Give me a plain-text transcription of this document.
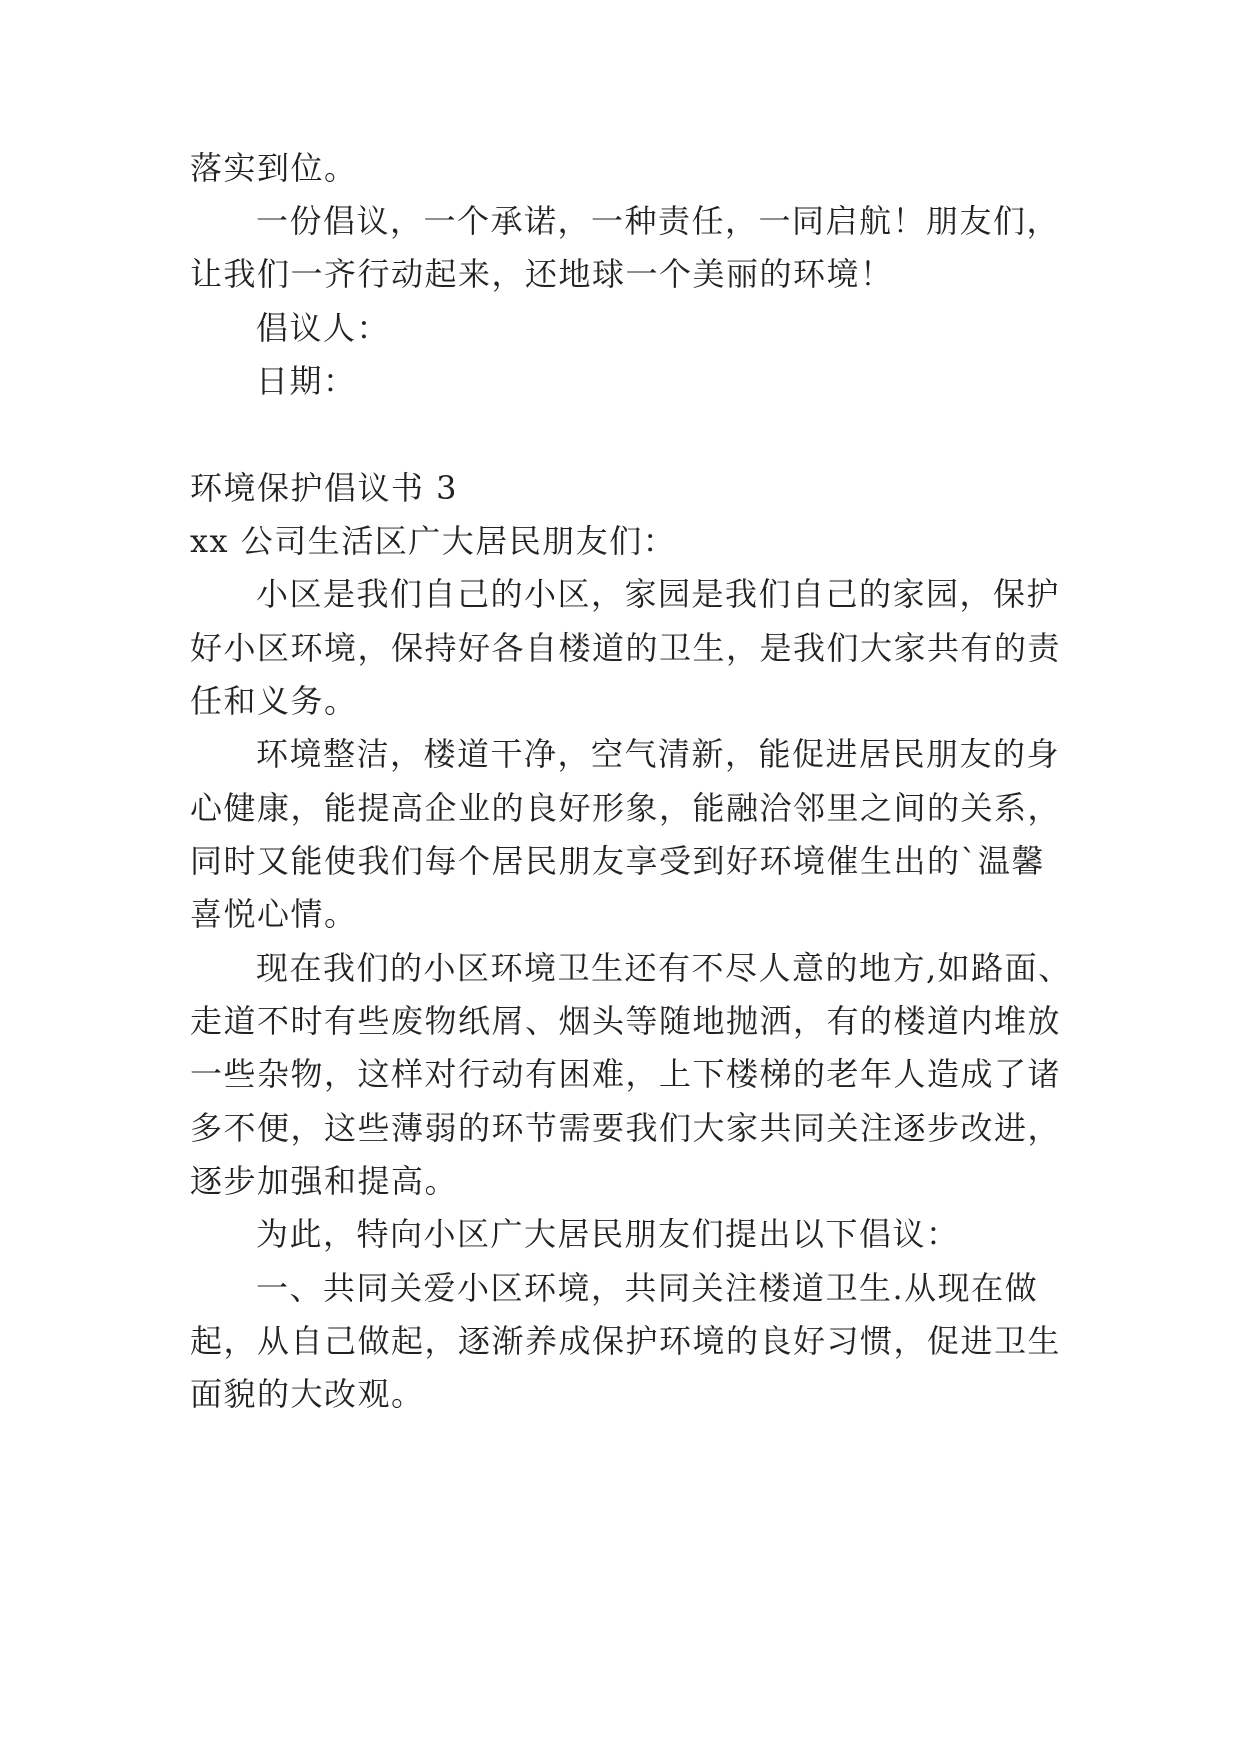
落实到位。
一份倡议，一个承诺，一种责任，一同启航！朋友们，
让我们一齐行动起来，还地球一个美丽的环境！
倡议人：
日期：
环境保护倡议书 3
xx 公司生活区广大居民朋友们：
小区是我们自己的小区，家园是我们自己的家园，保护
好小区环境，保持好各自楼道的卫生，是我们大家共有的责
任和义务。
环境整洁，楼道干净，空气清新，能促进居民朋友的身
心健康，能提高企业的良好形象，能融洽邻里之间的关系，
同时又能使我们每个居民朋友享受到好环境催生出的`温馨
喜悦心情。
现在我们的小区环境卫生还有不尽人意的地方,如路面、
走道不时有些废物纸屑、烟头等随地抛洒，有的楼道内堆放
一些杂物，这样对行动有困难，上下楼梯的老年人造成了诸
多不便，这些薄弱的环节需要我们大家共同关注逐步改进，
逐步加强和提高。
为此，特向小区广大居民朋友们提出以下倡议：
一、共同关爱小区环境，共同关注楼道卫生.从现在做
起，从自己做起，逐渐养成保护环境的良好习惯，促进卫生
面貌的大改观。
